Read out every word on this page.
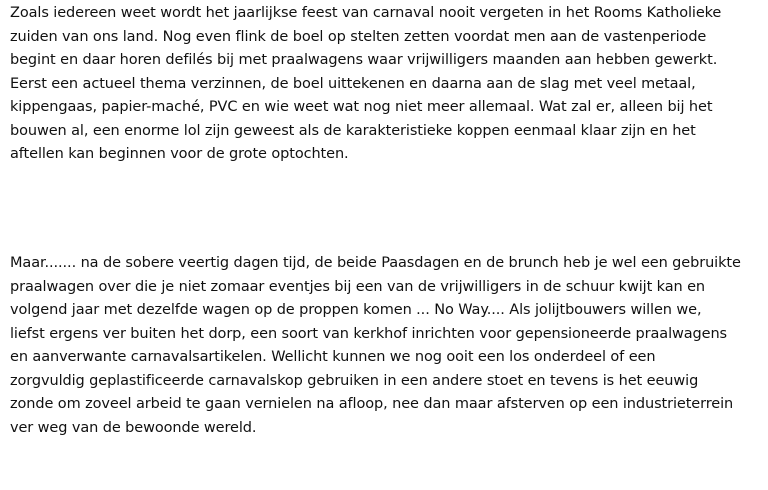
Zoals iedereen weet wordt het jaarlijkse feest van carnaval nooit vergeten in het Rooms Katholieke
zuiden van ons land. Nog even flink de boel op stelten zetten voordat men aan de vastenperiode
begint en daar horen defilés bij met praalwagens waar vrijwilligers maanden aan hebben gewerkt.
Eerst een actueel thema verzinnen, de boel uittekenen en daarna aan de slag met veel metaal,
kippengaas, papier-maché, PVC en wie weet wat nog niet meer allemaal. Wat zal er, alleen bij het
bouwen al, een enorme lol zijn geweest als de karakteristieke koppen eenmaal klaar zijn en het
aftellen kan beginnen voor de grote optochten.
Maar....... na de sobere veertig dagen tijd, de beide Paasdagen en de brunch heb je wel een gebruikte
praalwagen over die je niet zomaar eventjes bij een van de vrijwilligers in de schuur kwijt kan en
volgend jaar met dezelfde wagen op de proppen komen ... No Way.... Als jolijtbouwers willen we,
liefst ergens ver buiten het dorp, een soort van kerkhof inrichten voor gepensioneerde praalwagens
en aanverwante carnavalsartikelen. Wellicht kunnen we nog ooit een los onderdeel of een
zorgvuldig geplastificeerde carnavalskop gebruiken in een andere stoet en tevens is het eeuwig
zonde om zoveel arbeid te gaan vernielen na afloop, nee dan maar afsterven op een industrieterrein
ver weg van de bewoonde wereld.
